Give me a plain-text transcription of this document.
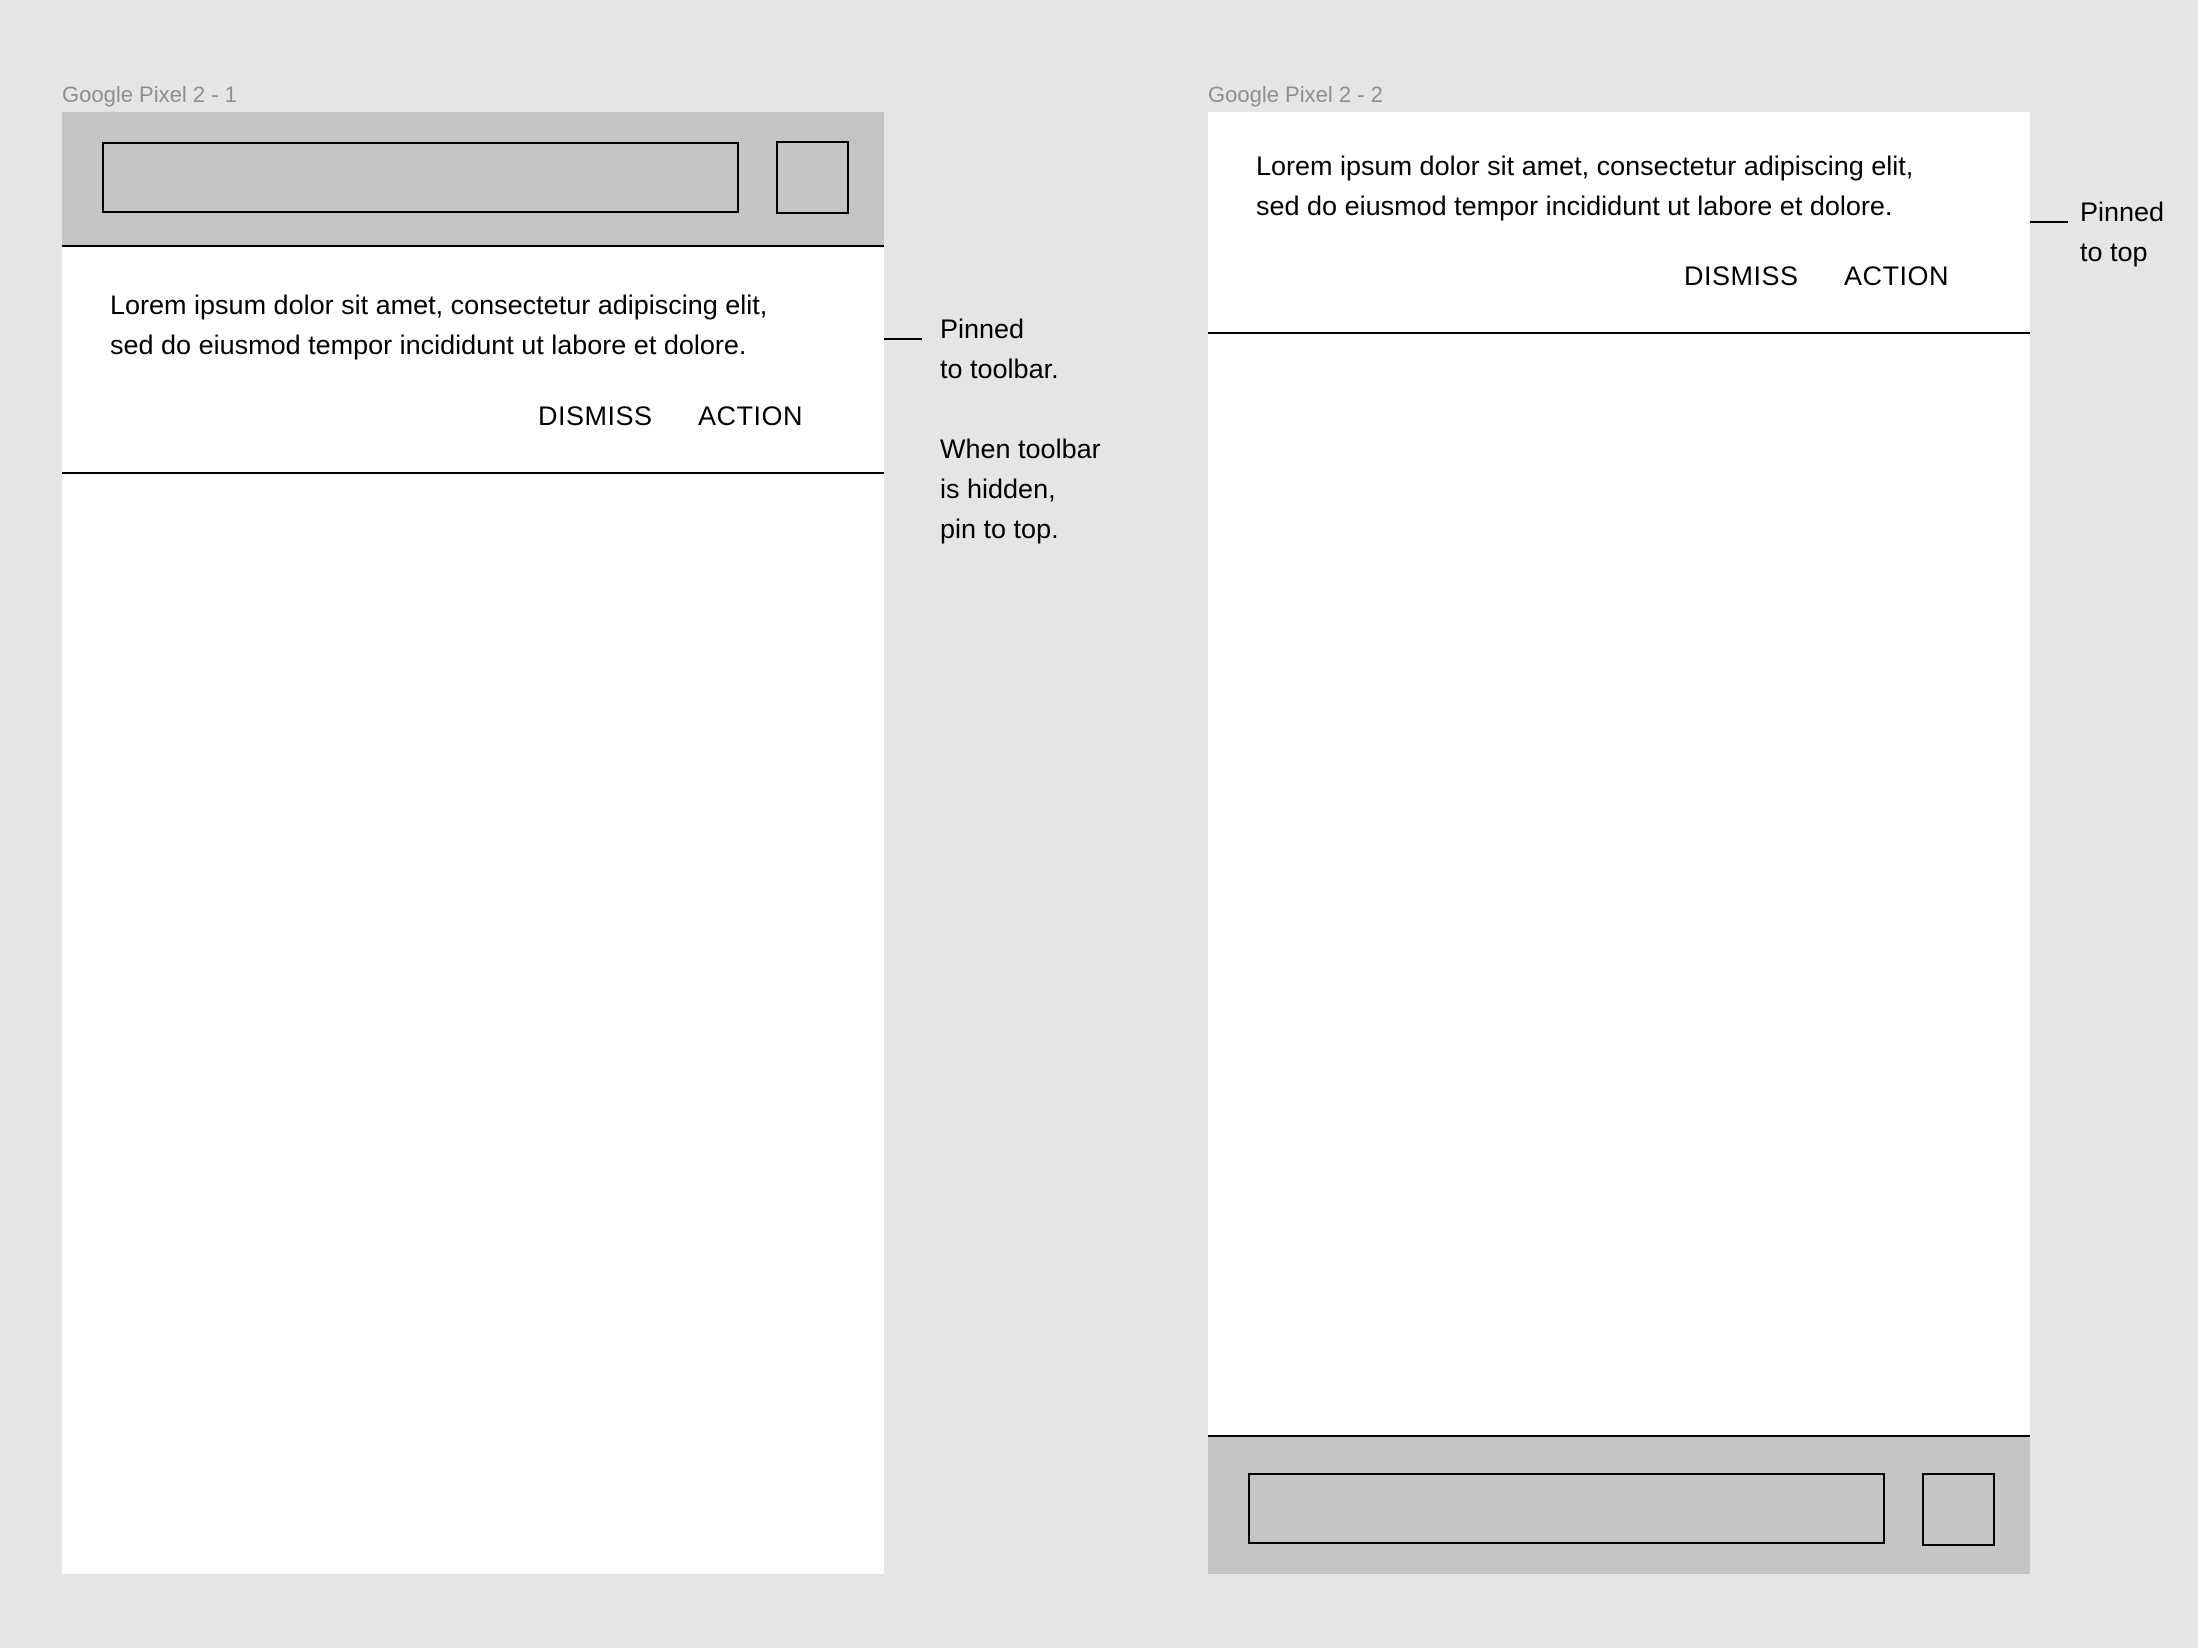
Google Pixel 2 - 1

Lorem ipsum dolor sit amet, consectetur adipiscing elit,
sed do eiusmod tempor incididunt ut labore et dolore.
DISMISS ACTION
Pinned
to toolbar.
When toolbar
is hidden,
pin to top.
Google Pixel 2 - 2
Lorem ipsum dolor sit amet, consectetur adipiscing elit,
sed do eiusmod tempor incididunt ut labore et dolore.
DISMISS ACTION
Pinned
to top
